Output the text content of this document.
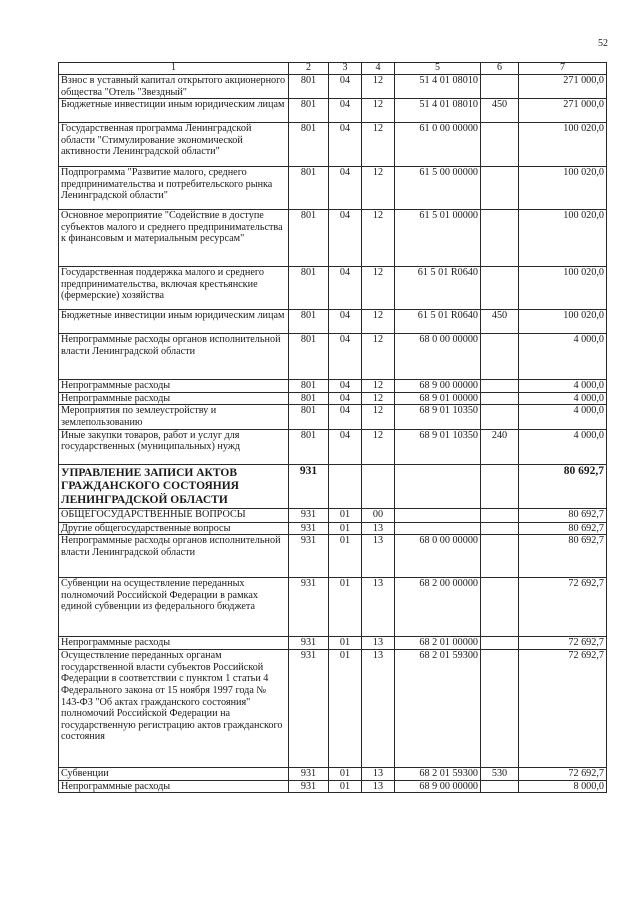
52
1	2	3	4	5	6	7
Взнос в уставный капитал открытого акционерного общества "Отель "Звездный"	801	04	12	51 4 01 08010		271 000,0
Бюджетные инвестиции иным юридическим лицам	801	04	12	51 4 01 08010	450	271 000,0
Государственная программа Ленинградской области "Стимулирование экономической активности Ленинградской области"	801	04	12	61 0 00 00000		100 020,0
Подпрограмма "Развитие малого, среднего предпринимательства и потребительского рынка Ленинградской области"	801	04	12	61 5 00 00000		100 020,0
Основное мероприятие "Содействие в доступе субъектов малого и среднего предпринимательства к финансовым и материальным ресурсам"	801	04	12	61 5 01 00000		100 020,0
Государственная поддержка малого и среднего предпринимательства, включая крестьянские (фермерские) хозяйства	801	04	12	61 5 01 R0640		100 020,0
Бюджетные инвестиции иным юридическим лицам	801	04	12	61 5 01 R0640	450	100 020,0
Непрограммные расходы органов исполнительной власти Ленинградской области	801	04	12	68 0 00 00000		4 000,0
Непрограммные расходы	801	04	12	68 9 00 00000		4 000,0
Непрограммные расходы	801	04	12	68 9 01 00000		4 000,0
Мероприятия по землеустройству и землепользованию	801	04	12	68 9 01 10350		4 000,0
Иные закупки товаров, работ и услуг для государственных (муниципальных) нужд	801	04	12	68 9 01 10350	240	4 000,0
УПРАВЛЕНИЕ ЗАПИСИ АКТОВ ГРАЖДАНСКОГО СОСТОЯНИЯ ЛЕНИНГРАДСКОЙ ОБЛАСТИ	931					80 692,7
ОБЩЕГОСУДАРСТВЕННЫЕ ВОПРОСЫ	931	01	00			80 692,7
Другие общегосударственные вопросы	931	01	13			80 692,7
Непрограммные расходы органов исполнительной власти Ленинградской области	931	01	13	68 0 00 00000		80 692,7
Субвенции на осуществление переданных полномочий Российской Федерации в рамках единой субвенции из федерального бюджета	931	01	13	68 2 00 00000		72 692,7
Непрограммные расходы	931	01	13	68 2 01 00000		72 692,7
Осуществление переданных органам государственной власти субъектов Российской Федерации в соответствии с пунктом 1 статьи 4 Федерального закона от 15 ноября 1997 года № 143-ФЗ "Об актах гражданского состояния" полномочий Российской Федерации на государственную регистрацию актов гражданского состояния	931	01	13	68 2 01 59300		72 692,7
Субвенции	931	01	13	68 2 01 59300	530	72 692,7
Непрограммные расходы	931	01	13	68 9 00 00000		8 000,0
